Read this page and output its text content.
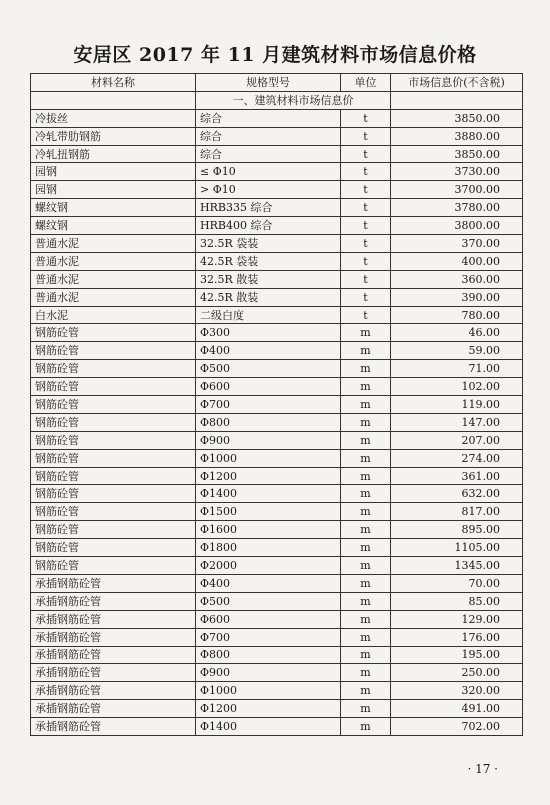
安居区 2017 年 11 月建筑材料市场信息价格
材料名称	规格型号	单位	市场信息价(不含税)
	一、建筑材料市场信息价		
冷拔丝	综合	t	3850.00
冷轧带肋钢筋	综合	t	3880.00
冷轧扭钢筋	综合	t	3850.00
园钢	≤ Φ10	t	3730.00
园钢	> Φ10	t	3700.00
螺纹钢	HRB335 综合	t	3780.00
螺纹钢	HRB400 综合	t	3800.00
普通水泥	32.5R 袋装	t	370.00
普通水泥	42.5R 袋装	t	400.00
普通水泥	32.5R 散装	t	360.00
普通水泥	42.5R 散装	t	390.00
白水泥	二级白度	t	780.00
钢筋砼管	Φ300	m	46.00
钢筋砼管	Φ400	m	59.00
钢筋砼管	Φ500	m	71.00
钢筋砼管	Φ600	m	102.00
钢筋砼管	Φ700	m	119.00
钢筋砼管	Φ800	m	147.00
钢筋砼管	Φ900	m	207.00
钢筋砼管	Φ1000	m	274.00
钢筋砼管	Φ1200	m	361.00
钢筋砼管	Φ1400	m	632.00
钢筋砼管	Φ1500	m	817.00
钢筋砼管	Φ1600	m	895.00
钢筋砼管	Φ1800	m	1105.00
钢筋砼管	Φ2000	m	1345.00
承插钢筋砼管	Φ400	m	70.00
承插钢筋砼管	Φ500	m	85.00
承插钢筋砼管	Φ600	m	129.00
承插钢筋砼管	Φ700	m	176.00
承插钢筋砼管	Φ800	m	195.00
承插钢筋砼管	Φ900	m	250.00
承插钢筋砼管	Φ1000	m	320.00
承插钢筋砼管	Φ1200	m	491.00
承插钢筋砼管	Φ1400	m	702.00
· 17 ·
